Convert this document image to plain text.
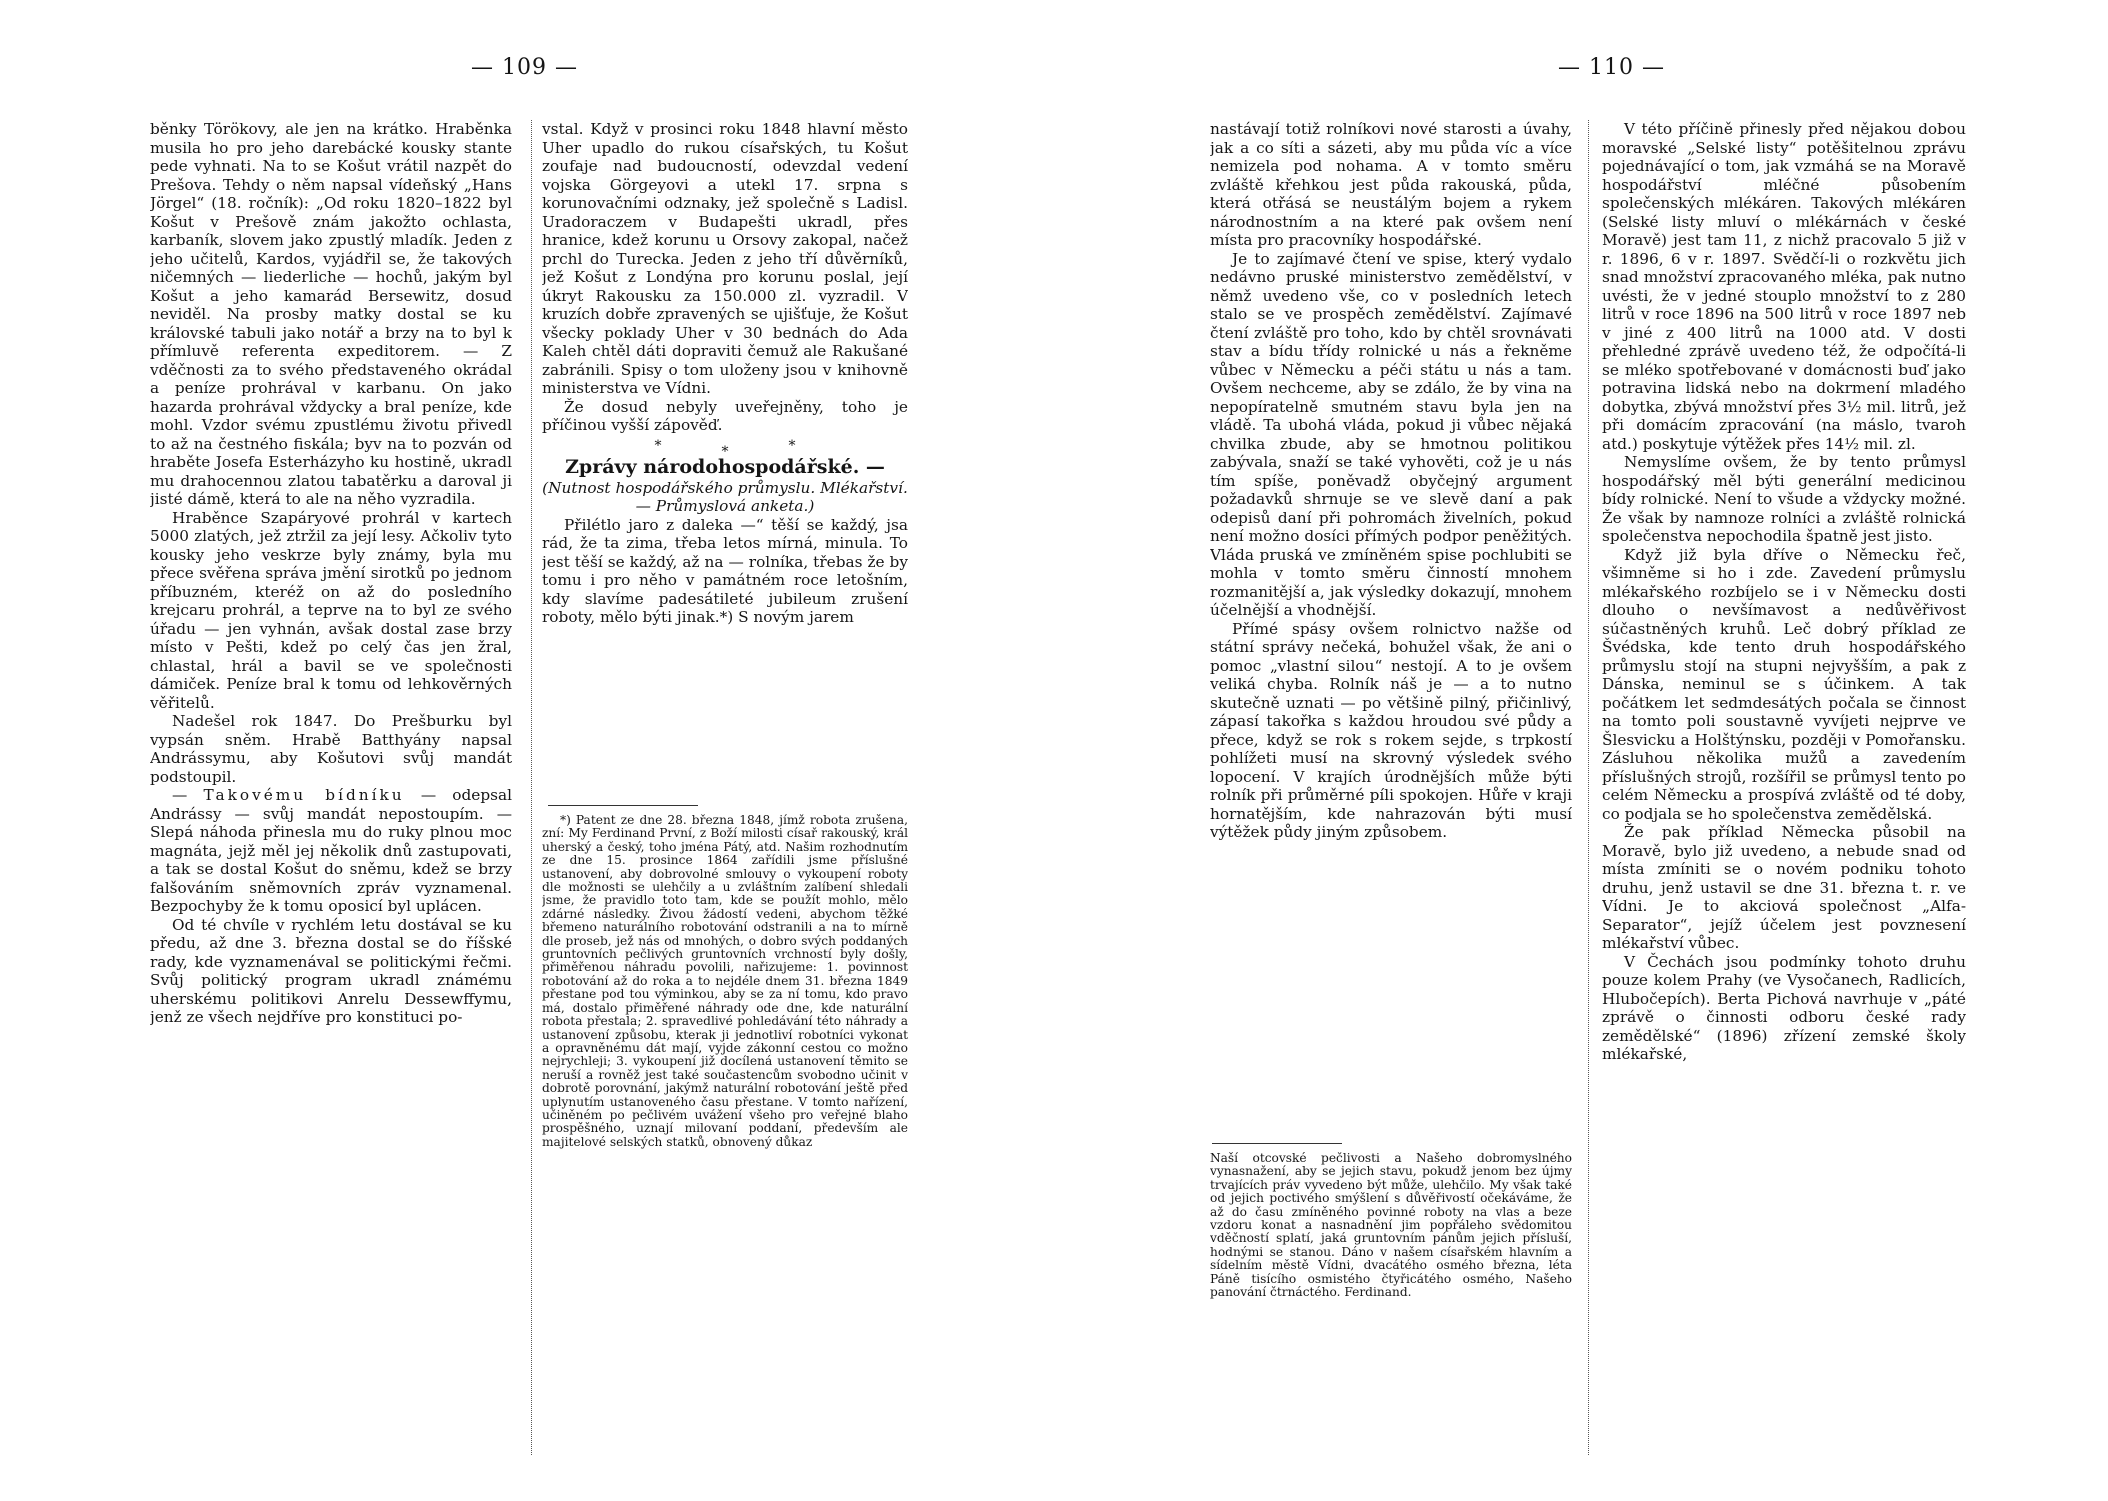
— 109 —

běnky Törökovy, ale jen na krátko. Hraběnka musila ho pro jeho darebácké kousky stante pede vyhnati. Na to se Košut vrátil nazpět do Prešova. Tehdy o něm napsal vídeňský „Hans Jörgel“ (18. ročník): „Od roku 1820–1822 byl Košut v Prešově znám jakožto ochlasta, karbaník, slovem jako zpustlý mladík. Jeden z jeho učitelů, Kardos, vyjádřil se, že takových ničemných — liederliche — hochů, jakým byl Košut a jeho kamarád Bersewitz, dosud neviděl. Na prosby matky dostal se ku královské tabuli jako notář a brzy na to byl k přímluvě referenta expeditorem. — Z vděčnosti za to svého představeného okrádal a peníze prohrával v karbanu. On jako hazarda prohrával vždycky a bral peníze, kde mohl. Vzdor svému zpustlému životu přivedl to až na čestného fiskála; byv na to pozván od hraběte Josefa Esterházyho ku hostině, ukradl mu drahocennou zlatou tabatěrku a daroval ji jisté dámě, která to ale na něho vyzradila.

Hraběnce Szapáryové prohrál v kartech 5000 zlatých, jež ztržil za její lesy. Ačkoliv tyto kousky jeho veskrze byly známy, byla mu přece svěřena správa jmění sirotků po jednom příbuzném, kteréž on až do posledního krejcaru prohrál, a teprve na to byl ze svého úřadu — jen vyhnán, avšak dostal zase brzy místo v Pešti, kdež po celý čas jen žral, chlastal, hrál a bavil se ve společnosti dámiček. Peníze bral k tomu od lehkověrných věřitelů.

Nadešel rok 1847. Do Prešburku byl vypsán sněm. Hrabě Batthyány napsal Andrássymu, aby Košutovi svůj mandát podstoupil.

— Takovému bídníku — odepsal Andrássy — svůj mandát nepostoupím. — Slepá náhoda přinesla mu do ruky plnou moc magnáta, jejž měl jej několik dnů zastupovati, a tak se dostal Košut do sněmu, kdež se brzy falšováním sněmovních zpráv vyznamenal. Bezpochyby že k tomu oposicí byl uplácen.

Od té chvíle v rychlém letu dostával se ku předu, až dne 3. března dostal se do říšské rady, kde vyznamenával se politickými řečmi. Svůj politický program ukradl známému uherskému politikovi Anrelu Dessewffymu, jenž ze všech nejdříve pro konstituci po-

vstal. Když v prosinci roku 1848 hlavní město Uher upadlo do rukou císařských, tu Košut zoufaje nad budoucností, odevzdal vedení vojska Görgeyovi a utekl 17. srpna s korunovačními odznaky, jež společně s Ladisl. Uradoraczem v Budapešti ukradl, přes hranice, kdež korunu u Orsovy zakopal, načež prchl do Turecka. Jeden z jeho tří důvěrníků, jež Košut z Londýna pro korunu poslal, její úkryt Rakousku za 150.000 zl. vyzradil. V kruzích dobře zpravených se ujišťuje, že Košut všecky poklady Uher v 30 bednách do Ada Kaleh chtěl dáti dopraviti čemuž ale Rakušané zabránili. Spisy o tom uloženy jsou v knihovně ministerstva ve Vídni.

Že dosud nebyly uveřejněny, toho je příčinou vyšší zápověď.

*	*	*
Zprávy národohospodářské. —
(Nutnost hospodářského průmyslu. Mlékařství. — Průmyslová anketa.)

Přilétlo jaro z daleka —“ těší se každý, jsa rád, že ta zima, třeba letos mírná, minula. To jest těší se každý, až na — rolníka, třebas že by tomu i pro něho v památném roce letošním, kdy slavíme padesátileté jubileum zrušení roboty, mělo býti jinak.*) S novým jarem

*) Patent ze dne 28. března 1848, jímž robota zrušena, zní: My Ferdinand První, z Boží milosti císař rakouský, král uherský a český, toho jména Pátý, atd. Našim rozhodnutím ze dne 15. prosince 1864 zařídili jsme příslušné ustanovení, aby dobrovolné smlouvy o vykoupení roboty dle možnosti se ulehčily a u zvláštním zalíbení shledali jsme, že pravidlo toto tam, kde se použít mohlo, mělo zdárné následky. Živou žádostí vedeni, abychom těžké břemeno naturálního robotování odstranili a na to mírně dle proseb, jež nás od mnohých, o dobro svých poddaných gruntovních pečlivých gruntovních vrchností byly došly, přiměřenou náhradu povolili, nařizujeme: 1. povinnost robotování až do roka a to nejdéle dnem 31. března 1849 přestane pod tou výminkou, aby se za ní tomu, kdo pravo má, dostalo přiměřené náhrady ode dne, kde naturální robota přestala; 2. spravedlivé pohledávání této náhrady a ustanovení způsobu, kterak ji jednotliví robotníci vykonat a opravněnému dát mají, vyjde zákonní cestou co možno nejrychleji; 3. vykoupení již docílená ustanovení těmito se neruší a rovněž jest také součastencům svobodno učinit v dobrotě porovnání, jakýmž naturální robotování ještě před uplynutím ustanoveného času přestane. V tomto nařízení, učiněném po pečlivém uvážení všeho pro veřejné blaho prospěšného, uznají milovaní poddaní, především ale majitelové selských statků, obnovený důkaz

— 110 —

nastávají totiž rolníkovi nové starosti a úvahy, jak a co síti a sázeti, aby mu půda víc a více nemizela pod nohama. A v tomto směru zvláště křehkou jest půda rakouská, půda, která otřásá se neustálým bojem a rykem národnostním a na které pak ovšem není místa pro pracovníky hospodářské.

Je to zajímavé čtení ve spise, který vydalo nedávno pruské ministerstvo zemědělství, v němž uvedeno vše, co v posledních letech stalo se ve prospěch zemědělství. Zajímavé čtení zvláště pro toho, kdo by chtěl srovnávati stav a bídu třídy rolnické u nás a řekněme vůbec v Německu a péči státu u nás a tam. Ovšem nechceme, aby se zdálo, že by vina na nepopíratelně smutném stavu byla jen na vládě. Ta ubohá vláda, pokud ji vůbec nějaká chvilka zbude, aby se hmotnou politikou zabývala, snaží se také vyhověti, což je u nás tím spíše, poněvadž obyčejný argument požadavků shrnuje se ve slevě daní a pak odepisů daní při pohromách živelních, pokud není možno dosíci přímých podpor peněžitých. Vláda pruská ve zmíněném spise pochlubiti se mohla v tomto směru činností mnohem rozmanitější a, jak výsledky dokazují, mnohem účelnější a vhodnější.

Přímé spásy ovšem rolnictvo nažše od státní správy nečeká, bohužel však, že ani o pomoc „vlastní silou“ nestojí. A to je ovšem veliká chyba. Rolník náš je — a to nutno skutečně uznati — po většině pilný, přičinlivý, zápasí takořka s každou hroudou své půdy a přece, když se rok s rokem sejde, s trpkostí pohlížeti musí na skrovný výsledek svého lopocení. V krajích úrodnějších může býti rolník při průměrné píli spokojen. Hůře v kraji hornatějším, kde nahrazován býti musí výtěžek půdy jiným způsobem.

Naší otcovské pečlivosti a Našeho dobromyslného vynasnažení, aby se jejich stavu, pokudž jenom bez újmy trvajících práv vyvedeno být může, ulehčilo. My však také od jejich poctivého smýšlení s důvěřivostí očekáváme, že až do času zmíněného povinné roboty na vlas a beze vzdoru konat a nasnadnění jim popřáleho svědomitou vděčností splatí, jaká gruntovním pánům jejich přísluší, hodnými se stanou. Dáno v našem císařském hlavním a sídelním městě Vídni, dvacátého osmého března, léta Páně tisícího osmistého čtyřicátého osmého, Našeho panování čtrnáctého. Ferdinand.

V této příčině přinesly před nějakou dobou moravské „Selské listy“ potěšitelnou zprávu pojednávající o tom, jak vzmáhá se na Moravě hospodářství mléčné působením společenských mlékáren. Takových mlékáren (Selské listy mluví o mlékárnách v české Moravě) jest tam 11, z nichž pracovalo 5 již v r. 1896, 6 v r. 1897. Svědčí-li o rozkvětu jich snad množství zpracovaného mléka, pak nutno uvésti, že v jedné stouplo množství to z 280 litrů v roce 1896 na 500 litrů v roce 1897 neb v jiné z 400 litrů na 1000 atd. V dosti přehledné zprávě uvedeno též, že odpočítá-li se mléko spotřebované v domácnosti buď jako potravina lidská nebo na dokrmení mladého dobytka, zbývá množství přes 3½ mil. litrů, jež při domácím zpracování (na máslo, tvaroh atd.) poskytuje výtěžek přes 14½ mil. zl.

Nemyslíme ovšem, že by tento průmysl hospodářský měl býti generální medicinou bídy rolnické. Není to všude a vždycky možné. Že však by namnoze rolníci a zvláště rolnická společenstva nepochodila špatně jest jisto.

Když již byla dříve o Německu řeč, všimněme si ho i zde. Zavedení průmyslu mlékařského rozbíjelo se i v Německu dosti dlouho o nevšímavost a nedůvěřivost súčastněných kruhů. Leč dobrý příklad ze Švédska, kde tento druh hospodářského průmyslu stojí na stupni nejvyšším, a pak z Dánska, neminul se s účinkem. A tak počátkem let sedmdesátých počala se činnost na tomto poli soustavně vyvíjeti nejprve ve Šlesvicku a Holštýnsku, později v Pomořansku. Zásluhou několika mužů a zavedením příslušných strojů, rozšířil se průmysl tento po celém Německu a prospívá zvláště od té doby, co podjala se ho společenstva zemědělská.

Že pak příklad Německa působil na Moravě, bylo již uvedeno, a nebude snad od místa zmíniti se o novém podniku tohoto druhu, jenž ustavil se dne 31. března t. r. ve Vídni. Je to akciová společnost „Alfa-Separator“, jejíž účelem jest povznesení mlékařství vůbec.

V Čechách jsou podmínky tohoto druhu pouze kolem Prahy (ve Vysočanech, Radlicích, Hlubočepích). Berta Pichová navrhuje v „páté zprávě o činnosti odboru české rady zemědělské“ (1896) zřízení zemské školy mlékařské,
